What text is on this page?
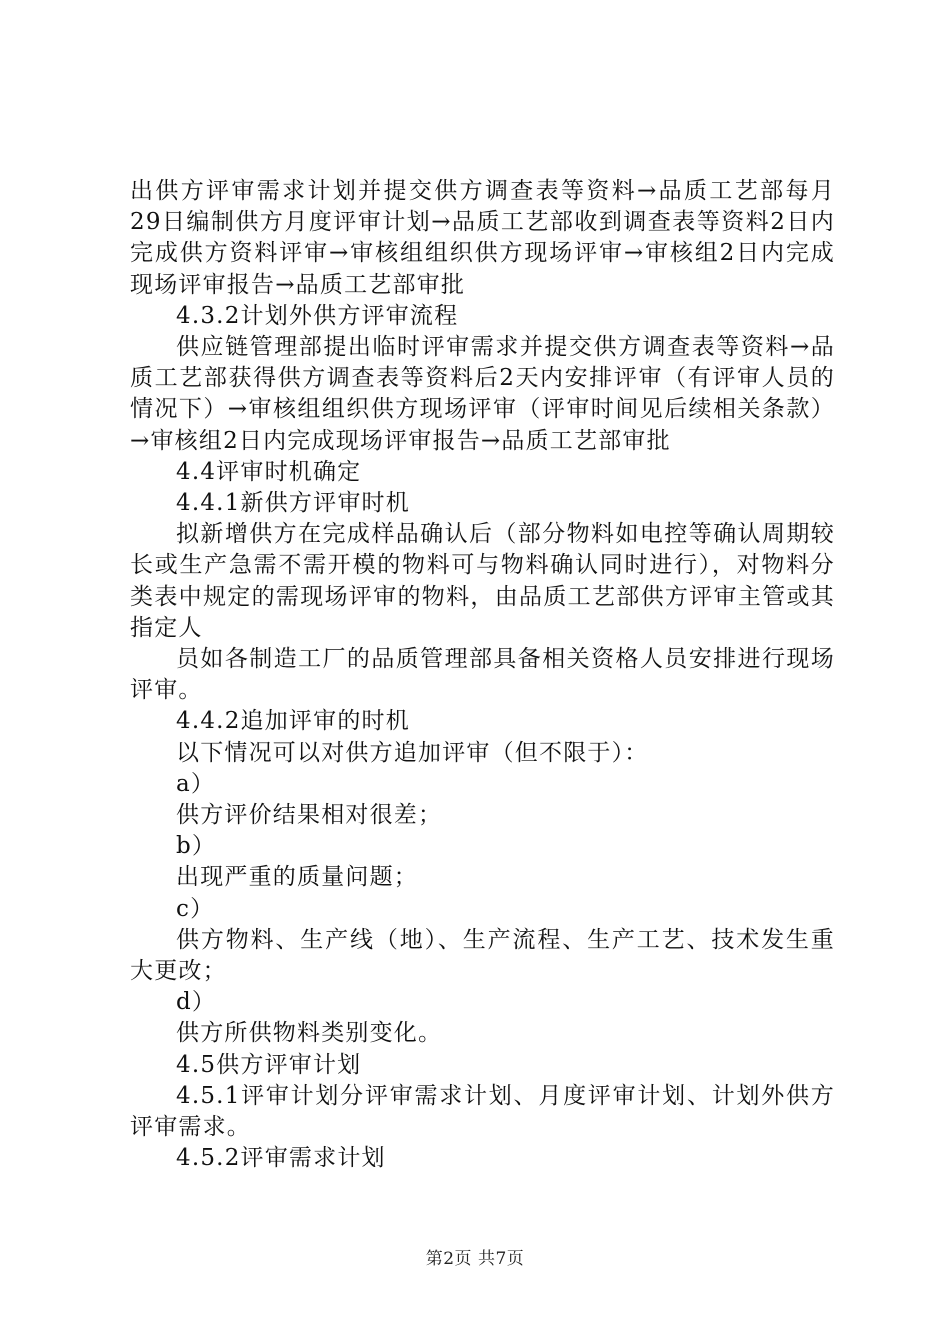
出供方评审需求计划并提交供方调查表等资料→品质工艺部每月29日编制供方月度评审计划→品质工艺部收到调查表等资料2日内完成供方资料评审→审核组组织供方现场评审→审核组2日内完成现场评审报告→品质工艺部审批

4.3.2计划外供方评审流程

供应链管理部提出临时评审需求并提交供方调查表等资料→品质工艺部获得供方调查表等资料后2天内安排评审（有评审人员的情况下）→审核组组织供方现场评审（评审时间见后续相关条款）→审核组2日内完成现场评审报告→品质工艺部审批

4.4评审时机确定

4.4.1新供方评审时机

拟新增供方在完成样品确认后（部分物料如电控等确认周期较长或生产急需不需开模的物料可与物料确认同时进行），对物料分类表中规定的需现场评审的物料，由品质工艺部供方评审主管或其指定人

员如各制造工厂的品质管理部具备相关资格人员安排进行现场评审。

4.4.2追加评审的时机

以下情况可以对供方追加评审（但不限于）：

a）

供方评价结果相对很差；

b）

出现严重的质量问题；

c）

供方物料、生产线（地）、生产流程、生产工艺、技术发生重大更改；

d）

供方所供物料类别变化。

4.5供方评审计划

4.5.1评审计划分评审需求计划、月度评审计划、计划外供方评审需求。

4.5.2评审需求计划

第2页 共7页
